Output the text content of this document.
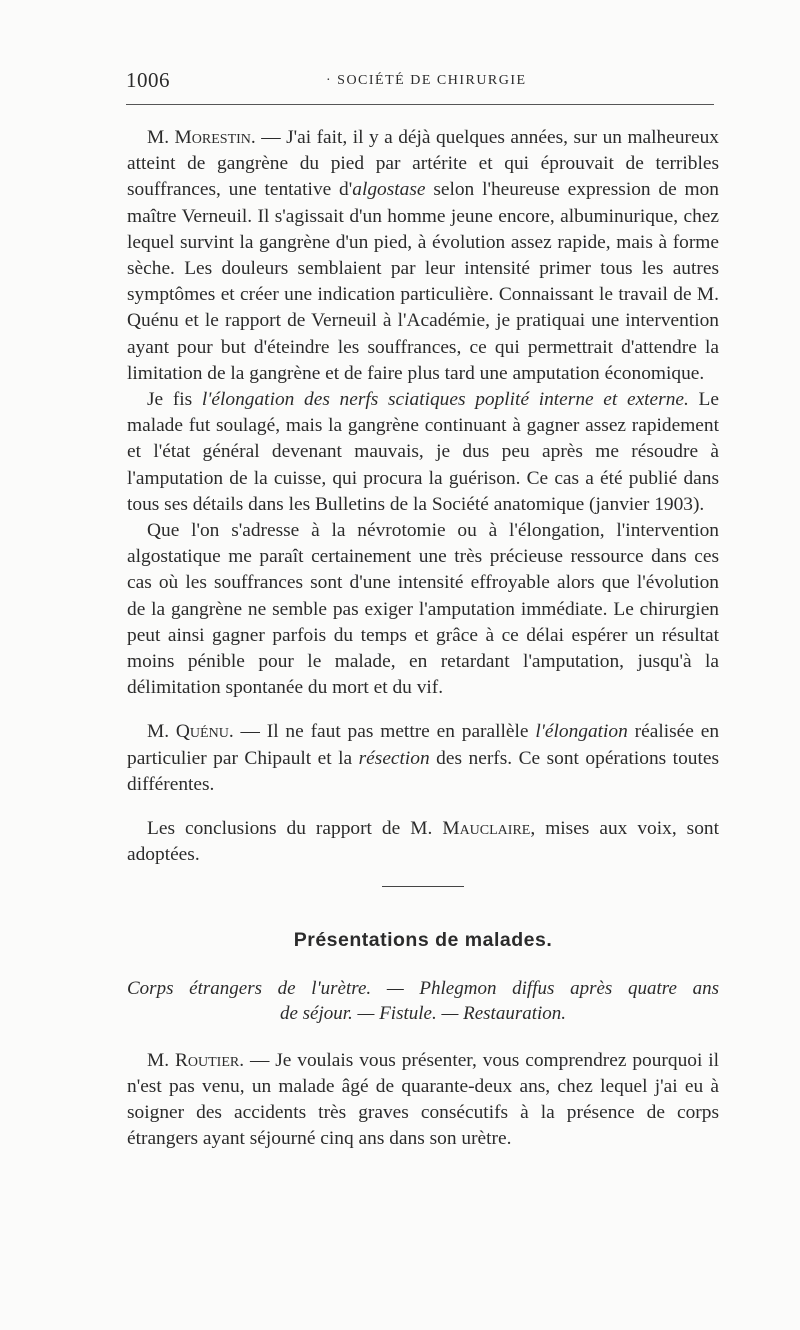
1006	· SOCIÉTÉ DE CHIRURGIE

M. Morestin. — J'ai fait, il y a déjà quelques années, sur un malheureux atteint de gangrène du pied par artérite et qui éprouvait de terribles souffrances, une tentative d'algostase selon l'heureuse expression de mon maître Verneuil. Il s'agissait d'un homme jeune encore, albuminurique, chez lequel survint la gangrène d'un pied, à évolution assez rapide, mais à forme sèche. Les douleurs semblaient par leur intensité primer tous les autres symptômes et créer une indication particulière. Connaissant le travail de M. Quénu et le rapport de Verneuil à l'Académie, je pratiquai une intervention ayant pour but d'éteindre les souffrances, ce qui permettrait d'attendre la limitation de la gangrène et de faire plus tard une amputation économique.

Je fis l'élongation des nerfs sciatiques poplité interne et externe. Le malade fut soulagé, mais la gangrène continuant à gagner assez rapidement et l'état général devenant mauvais, je dus peu après me résoudre à l'amputation de la cuisse, qui procura la guérison. Ce cas a été publié dans tous ses détails dans les Bulletins de la Société anatomique (janvier 1903).

Que l'on s'adresse à la névrotomie ou à l'élongation, l'intervention algostatique me paraît certainement une très précieuse ressource dans ces cas où les souffrances sont d'une intensité effroyable alors que l'évolution de la gangrène ne semble pas exiger l'amputation immédiate. Le chirurgien peut ainsi gagner parfois du temps et grâce à ce délai espérer un résultat moins pénible pour le malade, en retardant l'amputation, jusqu'à la délimitation spontanée du mort et du vif.

M. Quénu. — Il ne faut pas mettre en parallèle l'élongation réalisée en particulier par Chipault et la résection des nerfs. Ce sont opérations toutes différentes.

Les conclusions du rapport de M. Mauclaire, mises aux voix, sont adoptées.

Présentations de malades.
Corps étrangers de l'urètre. — Phlegmon diffus après quatre ans
de séjour. — Fistule. — Restauration.

M. Routier. — Je voulais vous présenter, vous comprendrez pourquoi il n'est pas venu, un malade âgé de quarante-deux ans, chez lequel j'ai eu à soigner des accidents très graves consécutifs à la présence de corps étrangers ayant séjourné cinq ans dans son urètre.
